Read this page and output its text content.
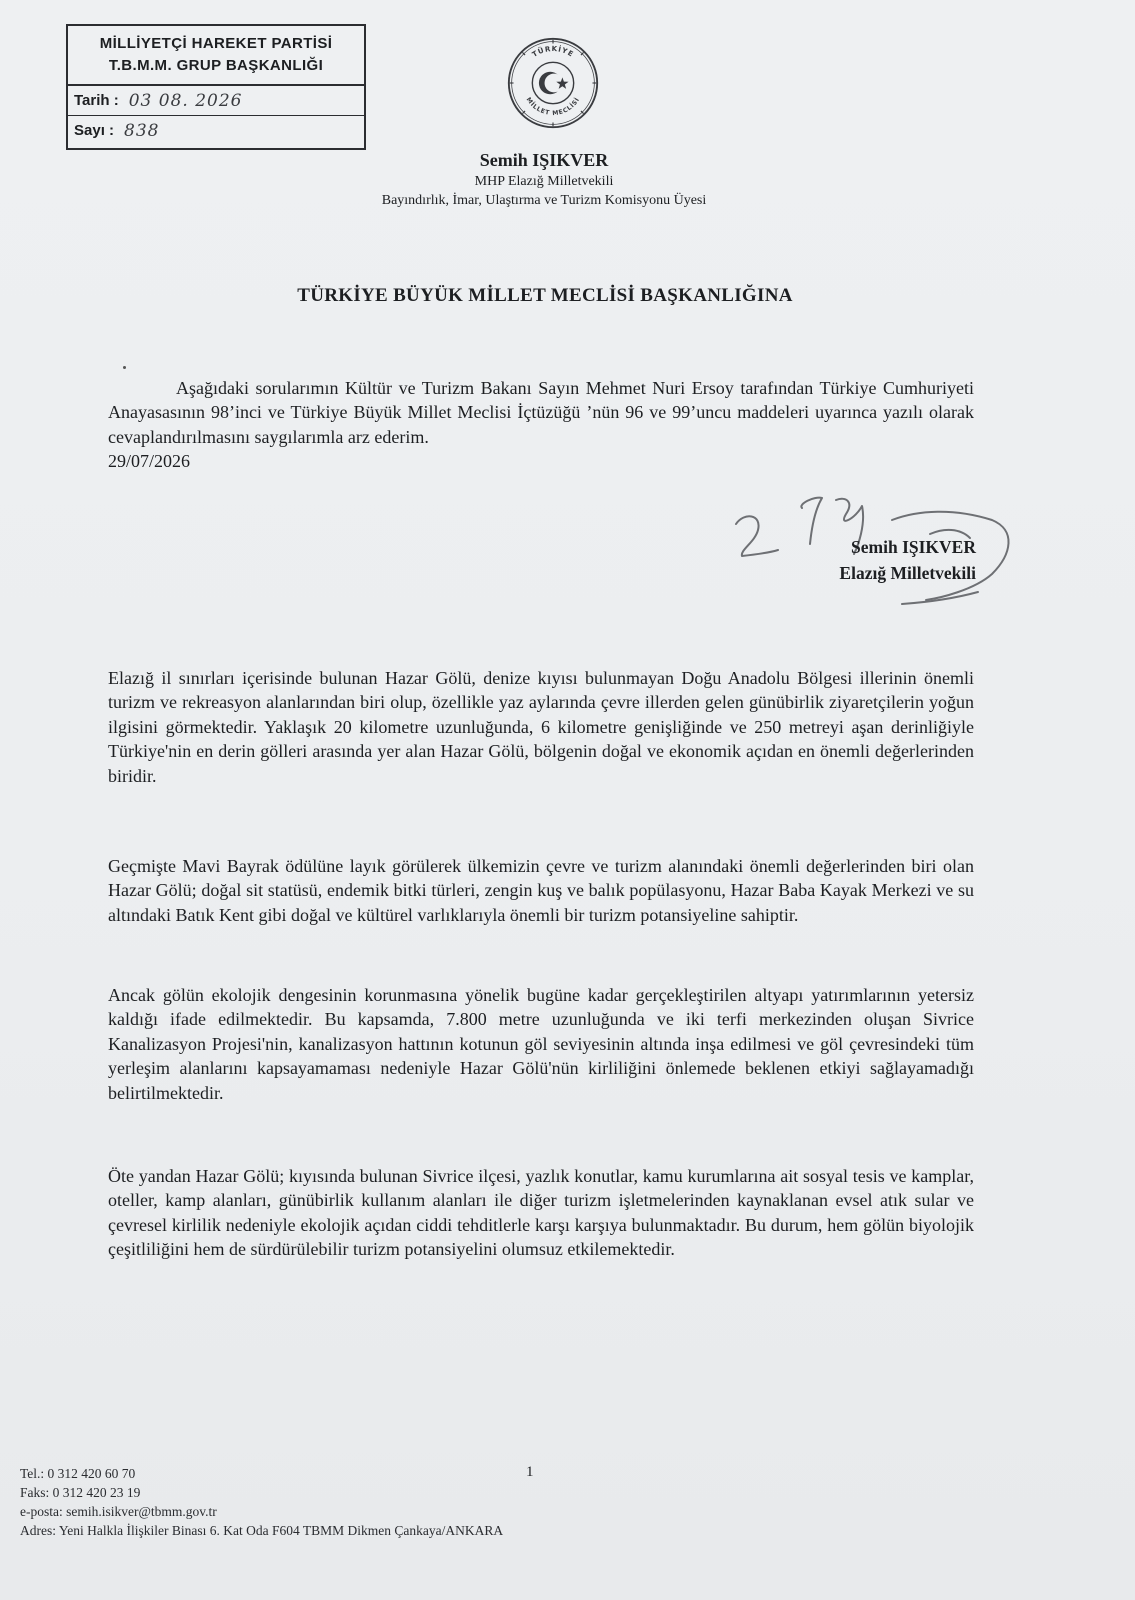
MİLLİYETÇİ HAREKET PARTİSİ
T.B.M.M. GRUP BAŞKANLIĞI
Tarih : 03 08. 2026
Sayı : 838
TÜRKİYE
MİLLET MECLİSİ
Semih IŞIKVER
MHP Elazığ Milletvekili
Bayındırlık, İmar, Ulaştırma ve Turizm Komisyonu Üyesi
TÜRKİYE BÜYÜK MİLLET MECLİSİ BAŞKANLIĞINA
Aşağıdaki sorularımın Kültür ve Turizm Bakanı Sayın Mehmet Nuri Ersoy tarafından Türkiye Cumhuriyeti Anayasasının 98’inci ve Türkiye Büyük Millet Meclisi İçtüzüğü ’nün 96 ve 99’uncu maddeleri uyarınca yazılı olarak cevaplandırılmasını saygılarımla arz ederim.
29/07/2026
Semih IŞIKVER
Elazığ Milletvekili

Elazığ il sınırları içerisinde bulunan Hazar Gölü, denize kıyısı bulunmayan Doğu Anadolu Bölgesi illerinin önemli turizm ve rekreasyon alanlarından biri olup, özellikle yaz aylarında çevre illerden gelen günübirlik ziyaretçilerin yoğun ilgisini görmektedir. Yaklaşık 20 kilometre uzunluğunda, 6 kilometre genişliğinde ve 250 metreyi aşan derinliğiyle Türkiye'nin en derin gölleri arasında yer alan Hazar Gölü, bölgenin doğal ve ekonomik açıdan en önemli değerlerinden biridir.

Geçmişte Mavi Bayrak ödülüne layık görülerek ülkemizin çevre ve turizm alanındaki önemli değerlerinden biri olan Hazar Gölü; doğal sit statüsü, endemik bitki türleri, zengin kuş ve balık popülasyonu, Hazar Baba Kayak Merkezi ve su altındaki Batık Kent gibi doğal ve kültürel varlıklarıyla önemli bir turizm potansiyeline sahiptir.

Ancak gölün ekolojik dengesinin korunmasına yönelik bugüne kadar gerçekleştirilen altyapı yatırımlarının yetersiz kaldığı ifade edilmektedir. Bu kapsamda, 7.800 metre uzunluğunda ve iki terfi merkezinden oluşan Sivrice Kanalizasyon Projesi'nin, kanalizasyon hattının kotunun göl seviyesinin altında inşa edilmesi ve göl çevresindeki tüm yerleşim alanlarını kapsayamaması nedeniyle Hazar Gölü'nün kirliliğini önlemede beklenen etkiyi sağlayamadığı belirtilmektedir.

Öte yandan Hazar Gölü; kıyısında bulunan Sivrice ilçesi, yazlık konutlar, kamu kurumlarına ait sosyal tesis ve kamplar, oteller, kamp alanları, günübirlik kullanım alanları ile diğer turizm işletmelerinden kaynaklanan evsel atık sular ve çevresel kirlilik nedeniyle ekolojik açıdan ciddi tehditlerle karşı karşıya bulunmaktadır. Bu durum, hem gölün biyolojik çeşitliliğini hem de sürdürülebilir turizm potansiyelini olumsuz etkilemektedir.

1
Tel.: 0 312 420 60 70
Faks: 0 312 420 23 19
e-posta: semih.isikver@tbmm.gov.tr
Adres: Yeni Halkla İlişkiler Binası 6. Kat Oda F604 TBMM Dikmen Çankaya/ANKARA
